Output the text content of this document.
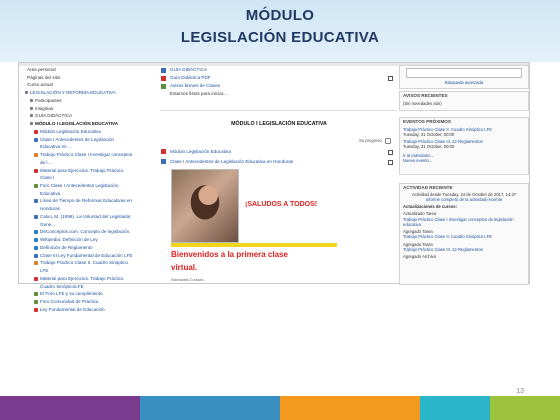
MÓDULO
LEGISLACIÓN EDUCATIVA
Área personal
Páginas del sitio
Curso actual
LEGISLACIÓN Y REFORMA EDUCATIVA
Participantes
Insignias
GUÍA DIDÁCTICA
MÓDULO I LEGISLACIÓN EDUCATIVA
Módulo Legislación Educativa
Clase I Antecedentes de Legislación
Educativa en ...
Trabajo Práctico Clase I Investigar conceptos
de l...
Material para Ejercicios. Trabajo Práctico
Clase I
Foro Clase I Antecedentes Legislación
Educativa
Línea de Tiempo de Reformas Educativas en
Honduras
Calvo, M. (1996). La Voluntad del Legislador
Gene...
DeConceptos.com. Concepto de legislación.
Wikipedia: Definición de Ley
Definición de Reglamento
Clase III Ley Fundamental de Educación LFE
Trabajo Práctico Clase II. Cuadro Sinóptico
LFE
Material para Ejercicios. Trabajo Práctico
Cuadro SinópticoLFE
El Foro LFE y su cumplimiento
Foro Comunidad de Práctica
Ley Fundamental de Educación
GUÍA DIDÁCTICA
Guía Didáctica PDF
Avisos breves de Clases
Estamos listos para iniciar....
MÓDULO I LEGISLACIÓN EDUCATIVA
Su progreso
Módulo Legislación Educativa
Clase I Antecedentes de Legislación Educativa en Honduras
¡SALUDOS A TODOS!
Bienvenidos a la primera clase
virtual.
Estimados Cursant...
Búsqueda avanzada
AVISOS RECIENTES
(Sin novedades aún)
EVENTOS PRÓXIMOS
Trabajo Práctico Clase II. Cuadro Sinóptico LFE
Tuesday, 31 October, 00:00
Trabajo Práctico Clase III. 22 Reglamentos
Tuesday, 31 October, 00:00
Ir al calendario...
Nuevo evento...
ACTIVIDAD RECIENTE
Actividad desde Tuesday, 24 de October de 2017, 14:37
Informe completo de la actividad reciente
Actualizaciones de cursos:
Actualizado Tarea
Trabajo Práctico Clase I Investigar conceptos de legislación educativa
Agregado Tarea
Trabajo Práctico Clase II. Cuadro Sinóptico LFE
Agregado Tarea
Trabajo Práctico Clase III. 22 Reglamentos
Agregado Archivo
13
